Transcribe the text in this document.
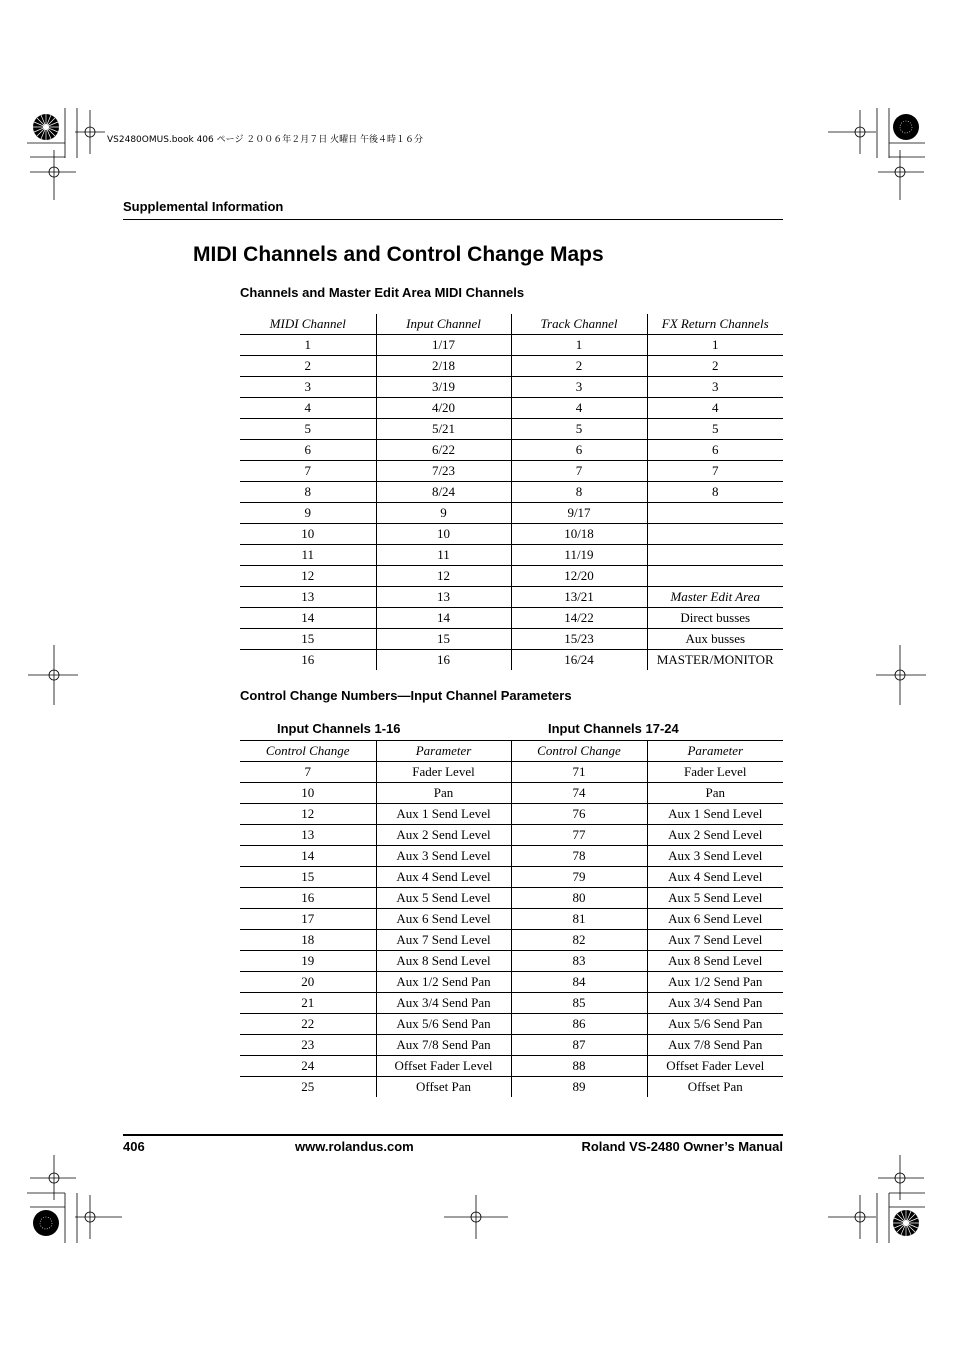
VS2480OMUS.book 406 ページ ２００６年２月７日 火曜日 午後４時１６分
Supplemental Information
MIDI Channels and Control Change Maps
Channels and Master Edit Area MIDI Channels
MIDI Channel	Input Channel	Track Channel	FX Return Channels
1	1/17	1	1
2	2/18	2	2
3	3/19	3	3
4	4/20	4	4
5	5/21	5	5
6	6/22	6	6
7	7/23	7	7
8	8/24	8	8
9	9	9/17	
10	10	10/18	
11	11	11/19	
12	12	12/20	
13	13	13/21	Master Edit Area
14	14	14/22	Direct busses
15	15	15/23	Aux busses
16	16	16/24	MASTER/MONITOR
Control Change Numbers—Input Channel Parameters
Input Channels 1-16	Input Channels 17-24
Control Change	Parameter	Control Change	Parameter
7	Fader Level	71	Fader Level
10	Pan	74	Pan
12	Aux 1 Send Level	76	Aux 1 Send Level
13	Aux 2 Send Level	77	Aux 2 Send Level
14	Aux 3 Send Level	78	Aux 3 Send Level
15	Aux 4 Send Level	79	Aux 4 Send Level
16	Aux 5 Send Level	80	Aux 5 Send Level
17	Aux 6 Send Level	81	Aux 6 Send Level
18	Aux 7 Send Level	82	Aux 7 Send Level
19	Aux 8 Send Level	83	Aux 8 Send Level
20	Aux 1/2 Send Pan	84	Aux 1/2 Send Pan
21	Aux 3/4 Send Pan	85	Aux 3/4 Send Pan
22	Aux 5/6 Send Pan	86	Aux 5/6 Send Pan
23	Aux 7/8 Send Pan	87	Aux 7/8 Send Pan
24	Offset Fader Level	88	Offset Fader Level
25	Offset Pan	89	Offset Pan
406	www.rolandus.com	Roland VS-2480 Owner’s Manual
